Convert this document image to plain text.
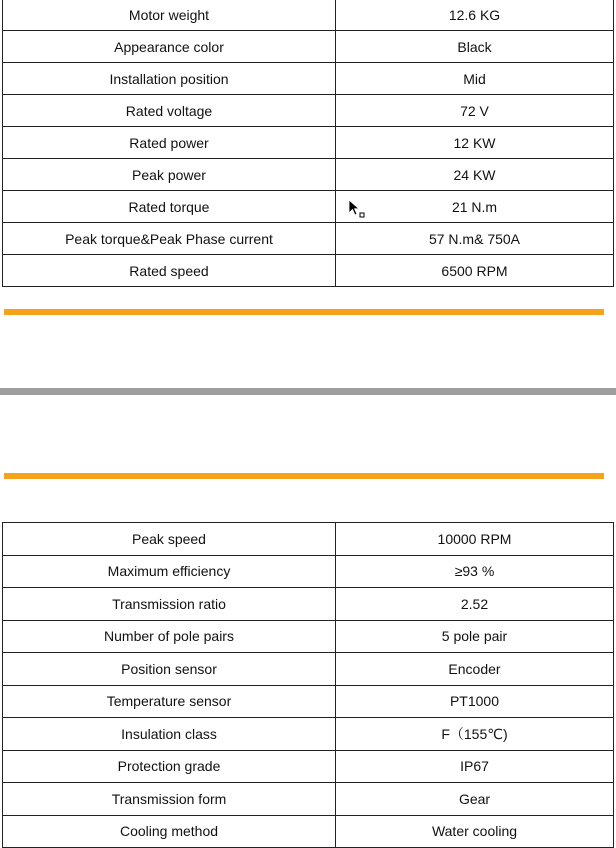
Motor weight	12.6 KG
Appearance color	Black
Installation position	Mid
Rated voltage	72 V
Rated power	12 KW
Peak power	24 KW
Rated torque	21 N.m
Peak torque&Peak Phase current	57 N.m& 750A
Rated speed	6500 RPM
Peak speed	10000 RPM
Maximum efficiency	≥93 %
Transmission ratio	2.52
Number of pole pairs	5 pole pair
Position sensor	Encoder
Temperature sensor	PT1000
Insulation class	F（155℃)
Protection grade	IP67
Transmission form	Gear
Cooling method	Water cooling
